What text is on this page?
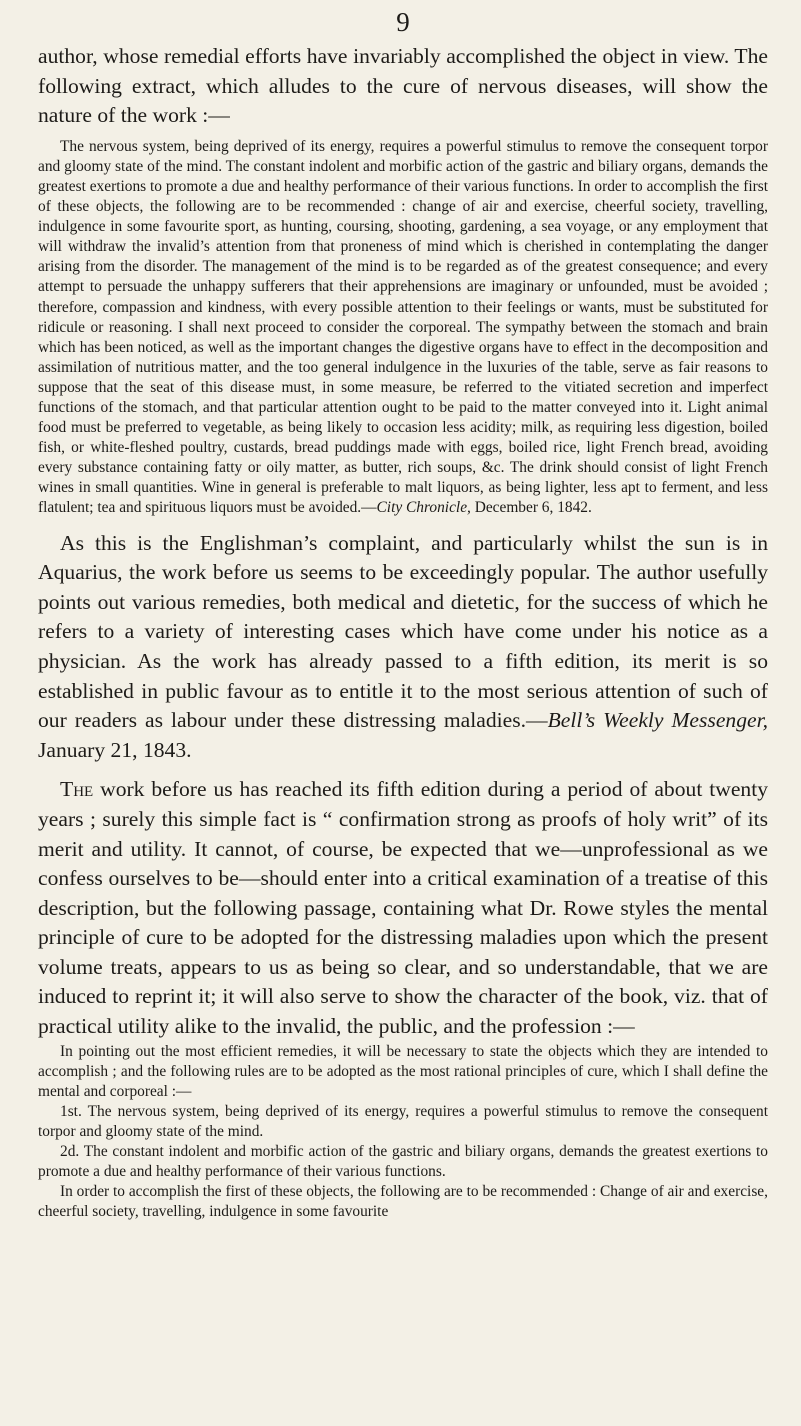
9

author, whose remedial efforts have invariably accomplished the object in view. The following extract, which alludes to the cure of nervous diseases, will show the nature of the work :—

The nervous system, being deprived of its energy, requires a powerful stimulus to remove the consequent torpor and gloomy state of the mind. The constant indolent and morbific action of the gastric and biliary organs, demands the greatest exertions to promote a due and healthy performance of their various functions. In order to accomplish the first of these objects, the following are to be recommended : change of air and exercise, cheerful society, travelling, indulgence in some favourite sport, as hunting, coursing, shooting, gardening, a sea voyage, or any employment that will withdraw the invalid’s attention from that proneness of mind which is cherished in contemplating the danger arising from the disorder. The management of the mind is to be regarded as of the greatest consequence; and every attempt to persuade the unhappy sufferers that their apprehensions are imaginary or unfounded, must be avoided ; therefore, compassion and kindness, with every possible attention to their feelings or wants, must be substituted for ridicule or reasoning. I shall next proceed to consider the corporeal. The sympathy between the stomach and brain which has been noticed, as well as the important changes the digestive organs have to effect in the decomposition and assimilation of nutritious matter, and the too general indulgence in the luxuries of the table, serve as fair reasons to suppose that the seat of this disease must, in some measure, be referred to the vitiated secretion and imperfect functions of the stomach, and that particular attention ought to be paid to the matter conveyed into it. Light animal food must be preferred to vegetable, as being likely to occasion less acidity; milk, as requiring less digestion, boiled fish, or white-fleshed poultry, custards, bread puddings made with eggs, boiled rice, light French bread, avoiding every substance containing fatty or oily matter, as butter, rich soups, &c. The drink should consist of light French wines in small quantities. Wine in general is preferable to malt liquors, as being lighter, less apt to ferment, and less flatulent; tea and spirituous liquors must be avoided.—City Chronicle, December 6, 1842.

As this is the Englishman’s complaint, and particularly whilst the sun is in Aquarius, the work before us seems to be exceedingly popular. The author usefully points out various remedies, both medical and dietetic, for the success of which he refers to a variety of interesting cases which have come under his notice as a physician. As the work has already passed to a fifth edition, its merit is so established in public favour as to entitle it to the most serious attention of such of our readers as labour under these distressing maladies.—Bell’s Weekly Messenger, January 21, 1843.

The work before us has reached its fifth edition during a period of about twenty years ; surely this simple fact is “ confirmation strong as proofs of holy writ” of its merit and utility. It cannot, of course, be expected that we—unprofessional as we confess ourselves to be—should enter into a critical examination of a treatise of this description, but the following passage, containing what Dr. Rowe styles the mental principle of cure to be adopted for the distressing maladies upon which the present volume treats, appears to us as being so clear, and so understandable, that we are induced to reprint it; it will also serve to show the character of the book, viz. that of practical utility alike to the invalid, the public, and the profession :—

In pointing out the most efficient remedies, it will be necessary to state the objects which they are intended to accomplish ; and the following rules are to be adopted as the most rational principles of cure, which I shall define the mental and corporeal :—

1st. The nervous system, being deprived of its energy, requires a powerful stimulus to remove the consequent torpor and gloomy state of the mind.

2d. The constant indolent and morbific action of the gastric and biliary organs, demands the greatest exertions to promote a due and healthy performance of their various functions.

In order to accomplish the first of these objects, the following are to be recommended : Change of air and exercise, cheerful society, travelling, indulgence in some favourite
